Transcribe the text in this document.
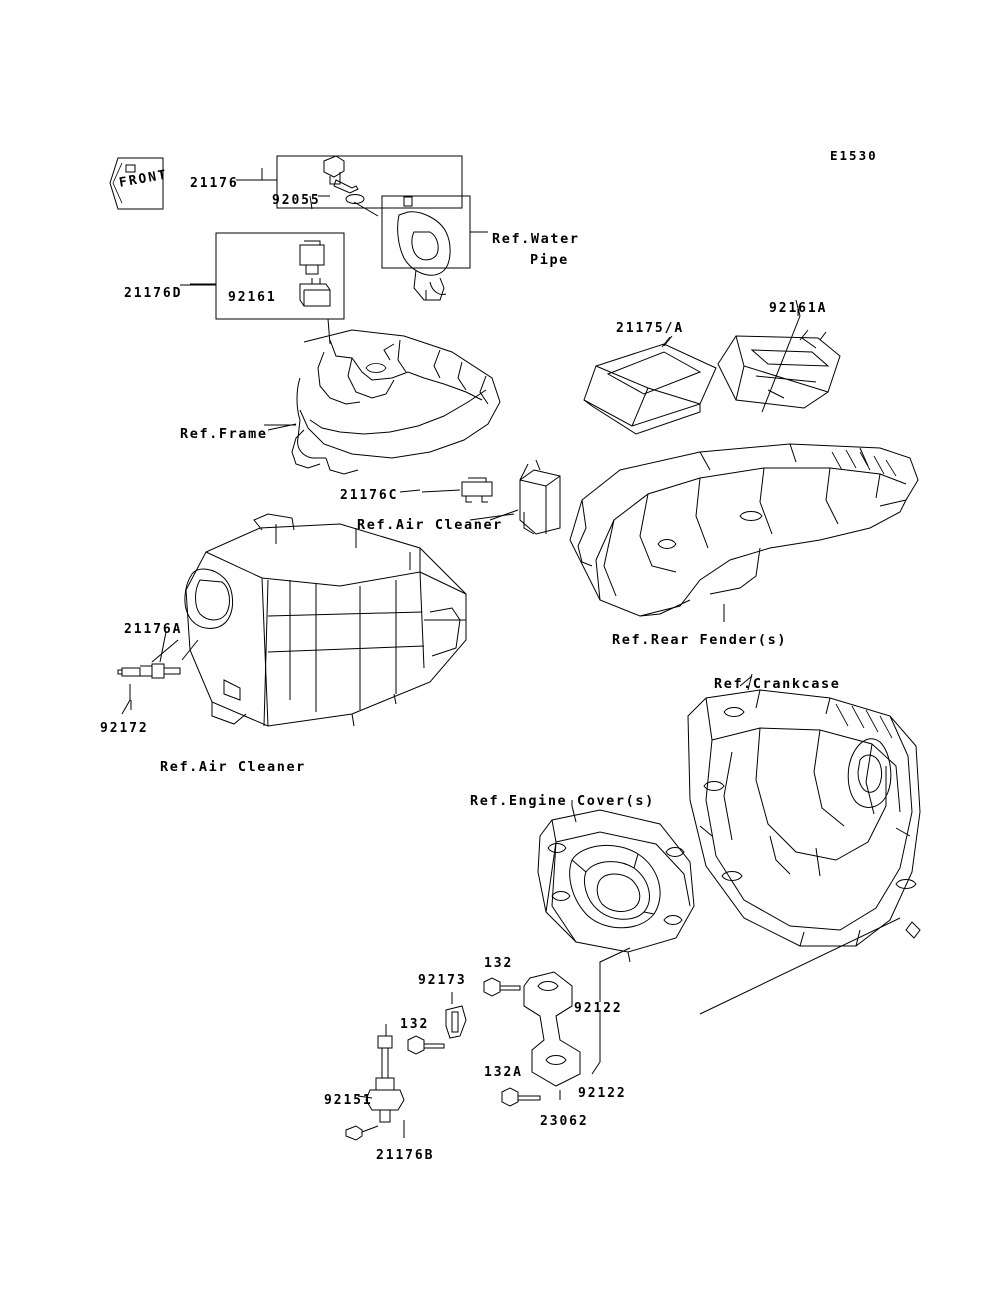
FRONT
E1530
21176
92055
Ref.Water
Pipe
21176D	92161
21175/A
92161A
Ref.Frame
21176C
Ref.Air Cleaner
Ref.Rear Fender(s)
21176A
92172
Ref.Air Cleaner
Ref.Crankcase
Ref.Engine Cover(s)
132
92173
92122
132
132A
92122
92151
23062
21176B
